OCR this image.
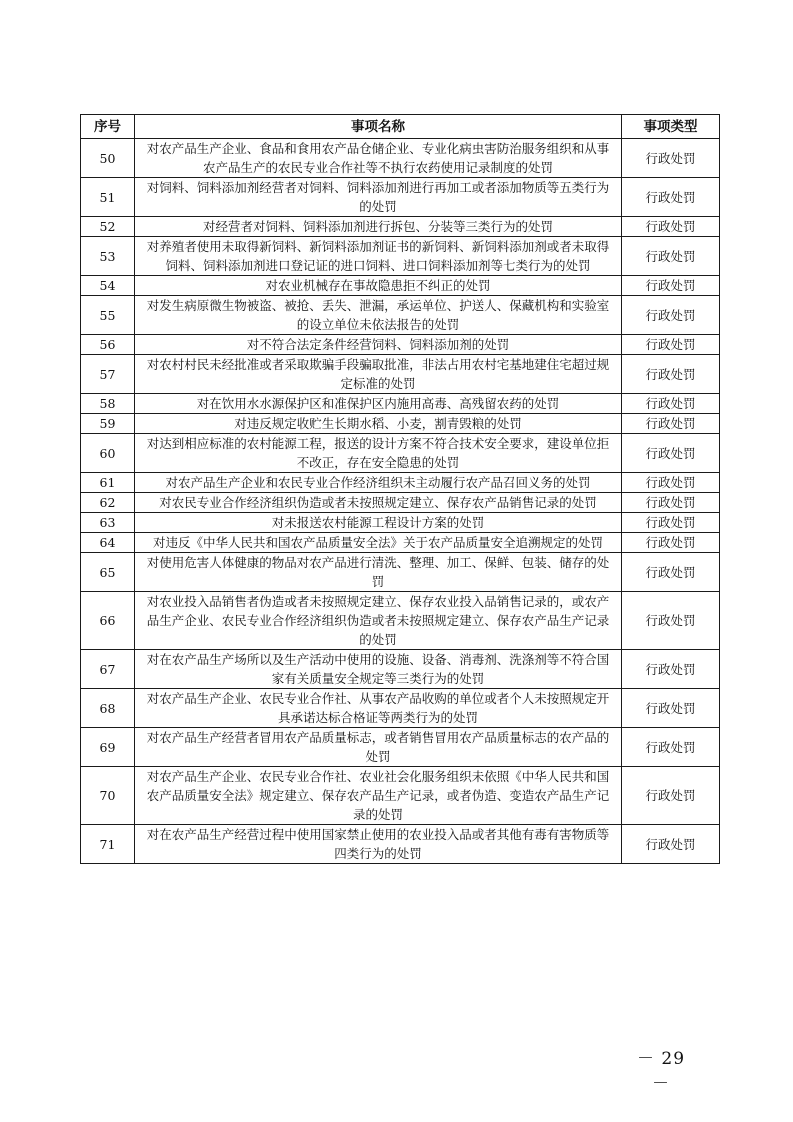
序号	事项名称	事项类型
50	对农产品生产企业、食品和食用农产品仓储企业、专业化病虫害防治服务组织和从事农产品生产的农民专业合作社等不执行农药使用记录制度的处罚	行政处罚
51	对饲料、饲料添加剂经营者对饲料、饲料添加剂进行再加工或者添加物质等五类行为的处罚	行政处罚
52	对经营者对饲料、饲料添加剂进行拆包、分装等三类行为的处罚	行政处罚
53	对养殖者使用未取得新饲料、新饲料添加剂证书的新饲料、新饲料添加剂或者未取得饲料、饲料添加剂进口登记证的进口饲料、进口饲料添加剂等七类行为的处罚	行政处罚
54	对农业机械存在事故隐患拒不纠正的处罚	行政处罚
55	对发生病原微生物被盗、被抢、丢失、泄漏，承运单位、护送人、保藏机构和实验室的设立单位未依法报告的处罚	行政处罚
56	对不符合法定条件经营饲料、饲料添加剂的处罚	行政处罚
57	对农村村民未经批准或者采取欺骗手段骗取批准，非法占用农村宅基地建住宅超过规定标准的处罚	行政处罚
58	对在饮用水水源保护区和准保护区内施用高毒、高残留农药的处罚	行政处罚
59	对违反规定收贮生长期水稻、小麦，割青毁粮的处罚	行政处罚
60	对达到相应标准的农村能源工程，报送的设计方案不符合技术安全要求，建设单位拒不改正，存在安全隐患的处罚	行政处罚
61	对农产品生产企业和农民专业合作经济组织未主动履行农产品召回义务的处罚	行政处罚
62	对农民专业合作经济组织伪造或者未按照规定建立、保存农产品销售记录的处罚	行政处罚
63	对未报送农村能源工程设计方案的处罚	行政处罚
64	对违反《中华人民共和国农产品质量安全法》关于农产品质量安全追溯规定的处罚	行政处罚
65	对使用危害人体健康的物品对农产品进行清洗、整理、加工、保鲜、包装、储存的处罚	行政处罚
66	对农业投入品销售者伪造或者未按照规定建立、保存农业投入品销售记录的，或农产品生产企业、农民专业合作经济组织伪造或者未按照规定建立、保存农产品生产记录的处罚	行政处罚
67	对在农产品生产场所以及生产活动中使用的设施、设备、消毒剂、洗涤剂等不符合国家有关质量安全规定等三类行为的处罚	行政处罚
68	对农产品生产企业、农民专业合作社、从事农产品收购的单位或者个人未按照规定开具承诺达标合格证等两类行为的处罚	行政处罚
69	对农产品生产经营者冒用农产品质量标志，或者销售冒用农产品质量标志的农产品的处罚	行政处罚
70	对农产品生产企业、农民专业合作社、农业社会化服务组织未依照《中华人民共和国农产品质量安全法》规定建立、保存农产品生产记录，或者伪造、变造农产品生产记录的处罚	行政处罚
71	对在农产品生产经营过程中使用国家禁止使用的农业投入品或者其他有毒有害物质等四类行为的处罚	行政处罚
－ 29 －
